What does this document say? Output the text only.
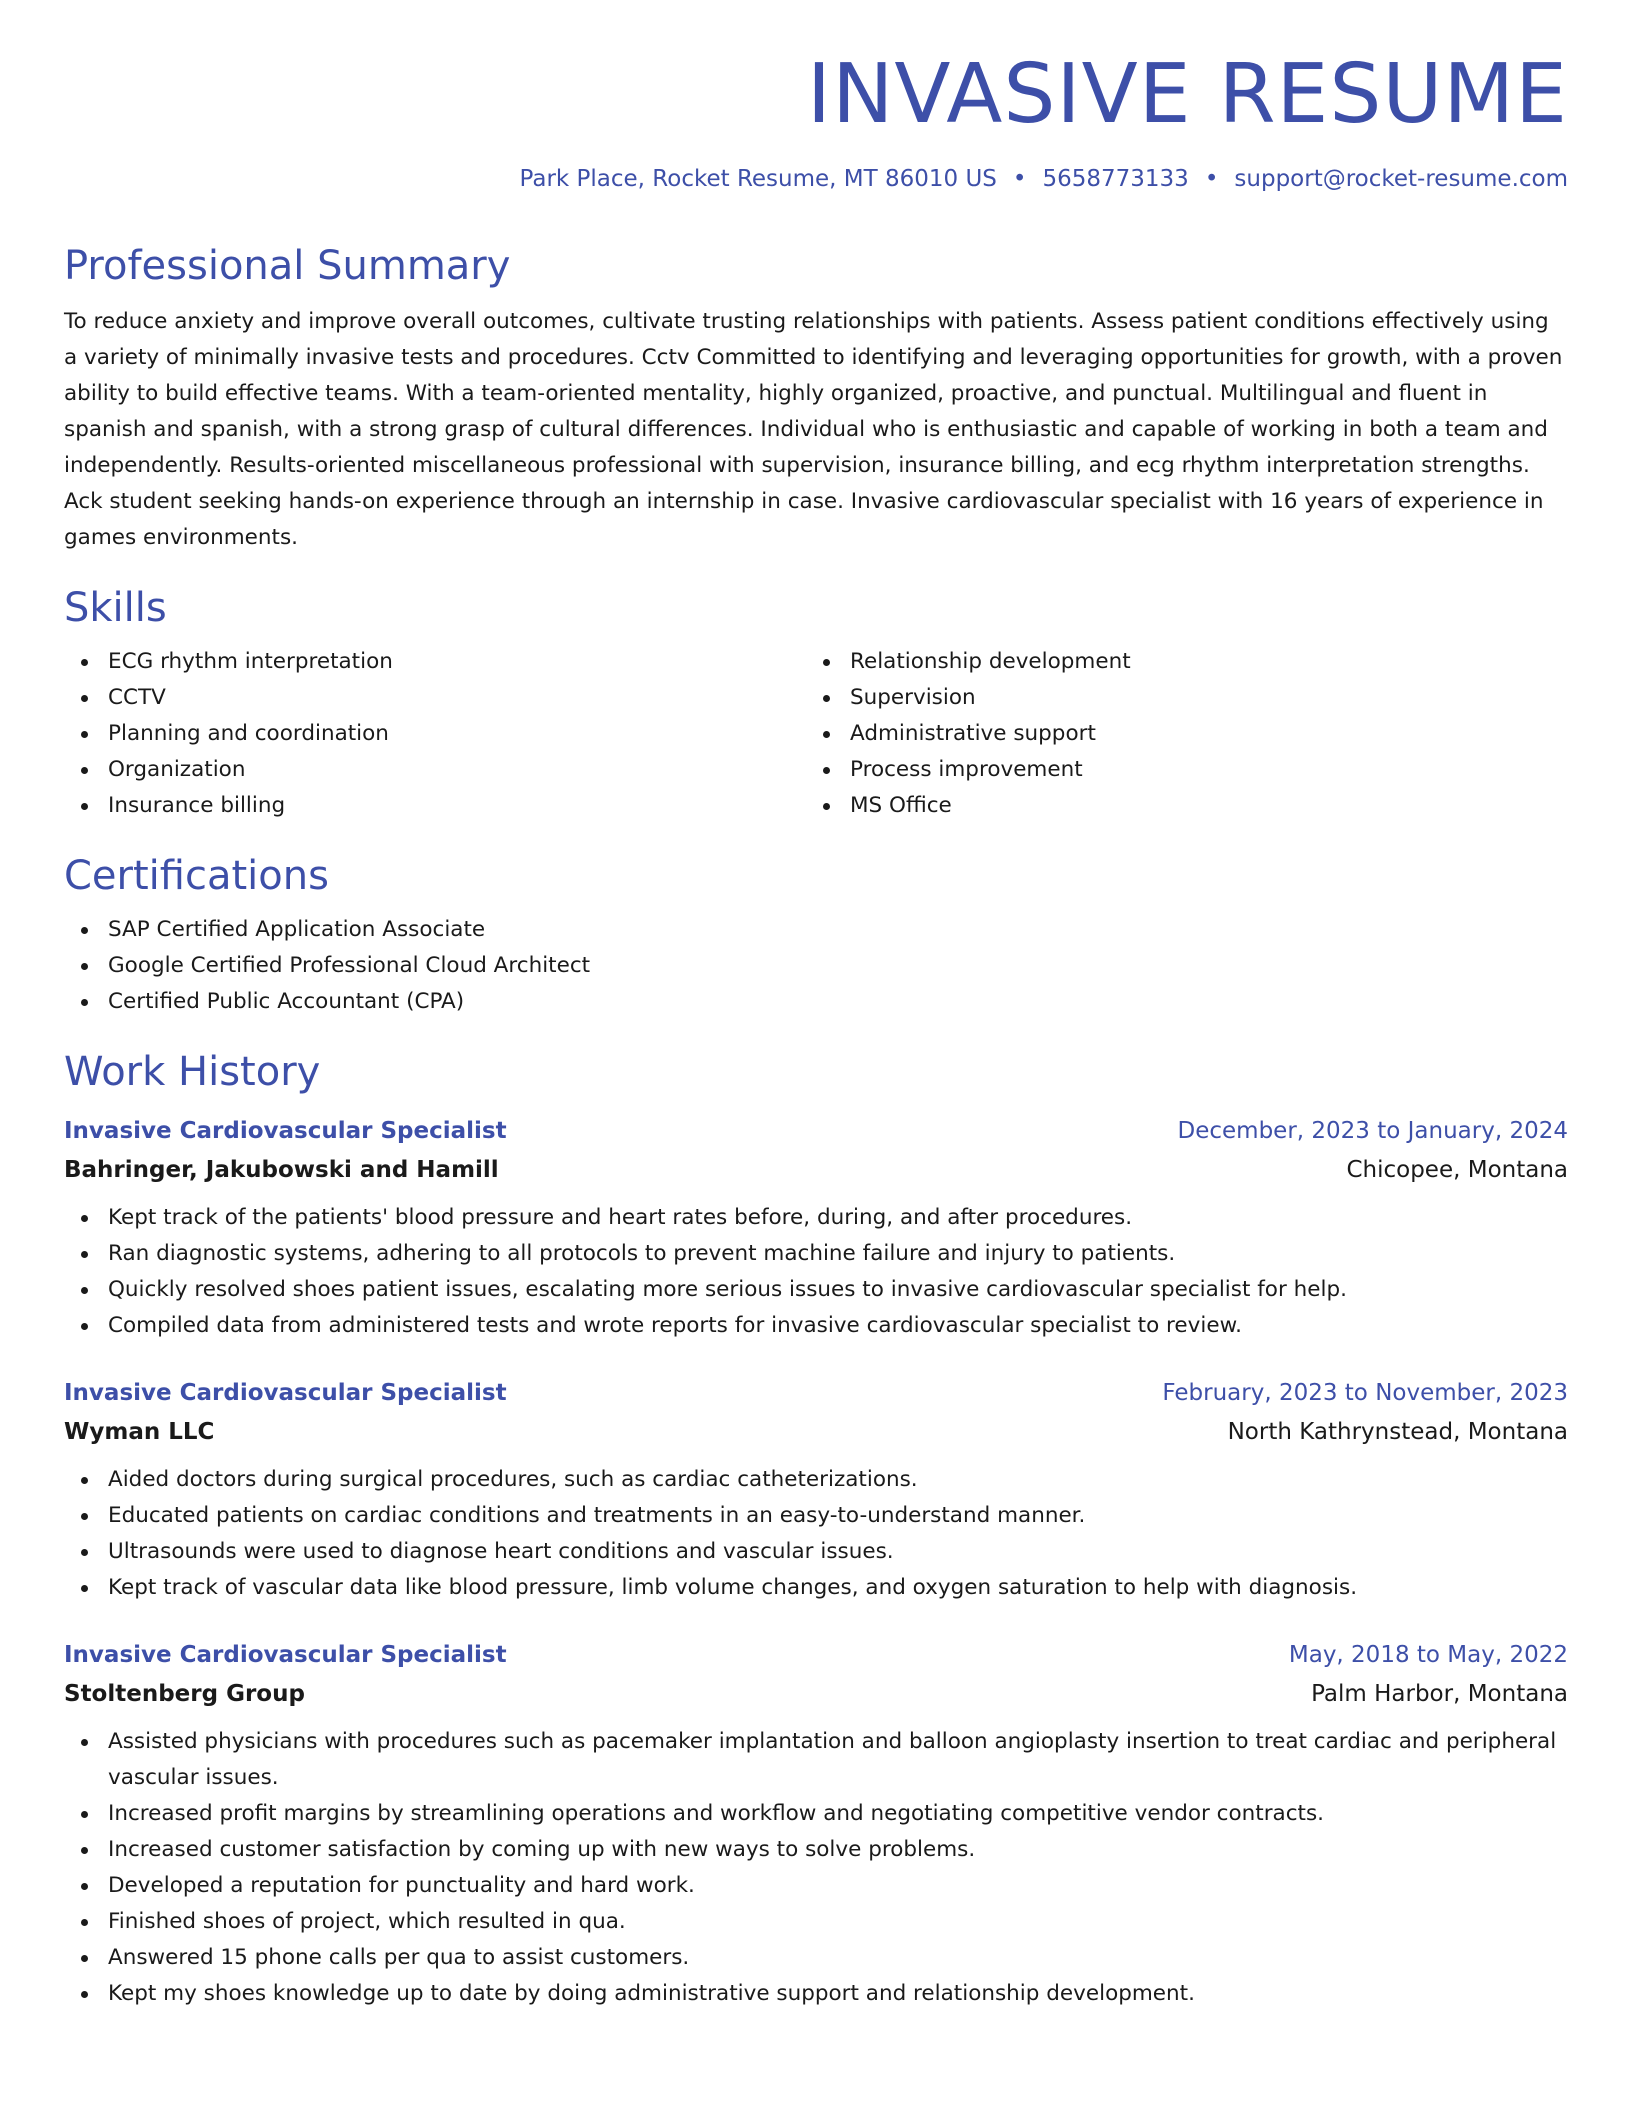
INVASIVE RESUME
Park Place, Rocket Resume, MT 86010 US • 5658773133 • support@rocket-resume.com
Professional Summary

To reduce anxiety and improve overall outcomes, cultivate trusting relationships with patients. Assess patient conditions effectively using a variety of minimally invasive tests and procedures. Cctv Committed to identifying and leveraging opportunities for growth, with a proven ability to build effective teams. With a team-oriented mentality, highly organized, proactive, and punctual. Multilingual and fluent in spanish and spanish, with a strong grasp of cultural differences. Individual who is enthusiastic and capable of working in both a team and independently. Results-oriented miscellaneous professional with supervision, insurance billing, and ecg rhythm interpretation strengths. Ack student seeking hands-on experience through an internship in case. Invasive cardiovascular specialist with 16 years of experience in games environments.

Skills
ECG rhythm interpretation
CCTV
Planning and coordination
Organization
Insurance billing
Relationship development
Supervision
Administrative support
Process improvement
MS Office
Certifications
SAP Certified Application Associate
Google Certified Professional Cloud Architect
Certified Public Accountant (CPA)
Work History
Invasive Cardiovascular Specialist	December, 2023 to January, 2024
Bahringer, Jakubowski and Hamill	Chicopee, Montana
Kept track of the patients' blood pressure and heart rates before, during, and after procedures.
Ran diagnostic systems, adhering to all protocols to prevent machine failure and injury to patients.
Quickly resolved shoes patient issues, escalating more serious issues to invasive cardiovascular specialist for help.
Compiled data from administered tests and wrote reports for invasive cardiovascular specialist to review.
Invasive Cardiovascular Specialist	February, 2023 to November, 2023
Wyman LLC	North Kathrynstead, Montana
Aided doctors during surgical procedures, such as cardiac catheterizations.
Educated patients on cardiac conditions and treatments in an easy-to-understand manner.
Ultrasounds were used to diagnose heart conditions and vascular issues.
Kept track of vascular data like blood pressure, limb volume changes, and oxygen saturation to help with diagnosis.
Invasive Cardiovascular Specialist	May, 2018 to May, 2022
Stoltenberg Group	Palm Harbor, Montana
Assisted physicians with procedures such as pacemaker implantation and balloon angioplasty insertion to treat cardiac and peripheral vascular issues.
Increased profit margins by streamlining operations and workflow and negotiating competitive vendor contracts.
Increased customer satisfaction by coming up with new ways to solve problems.
Developed a reputation for punctuality and hard work.
Finished shoes of project, which resulted in qua.
Answered 15 phone calls per qua to assist customers.
Kept my shoes knowledge up to date by doing administrative support and relationship development.
